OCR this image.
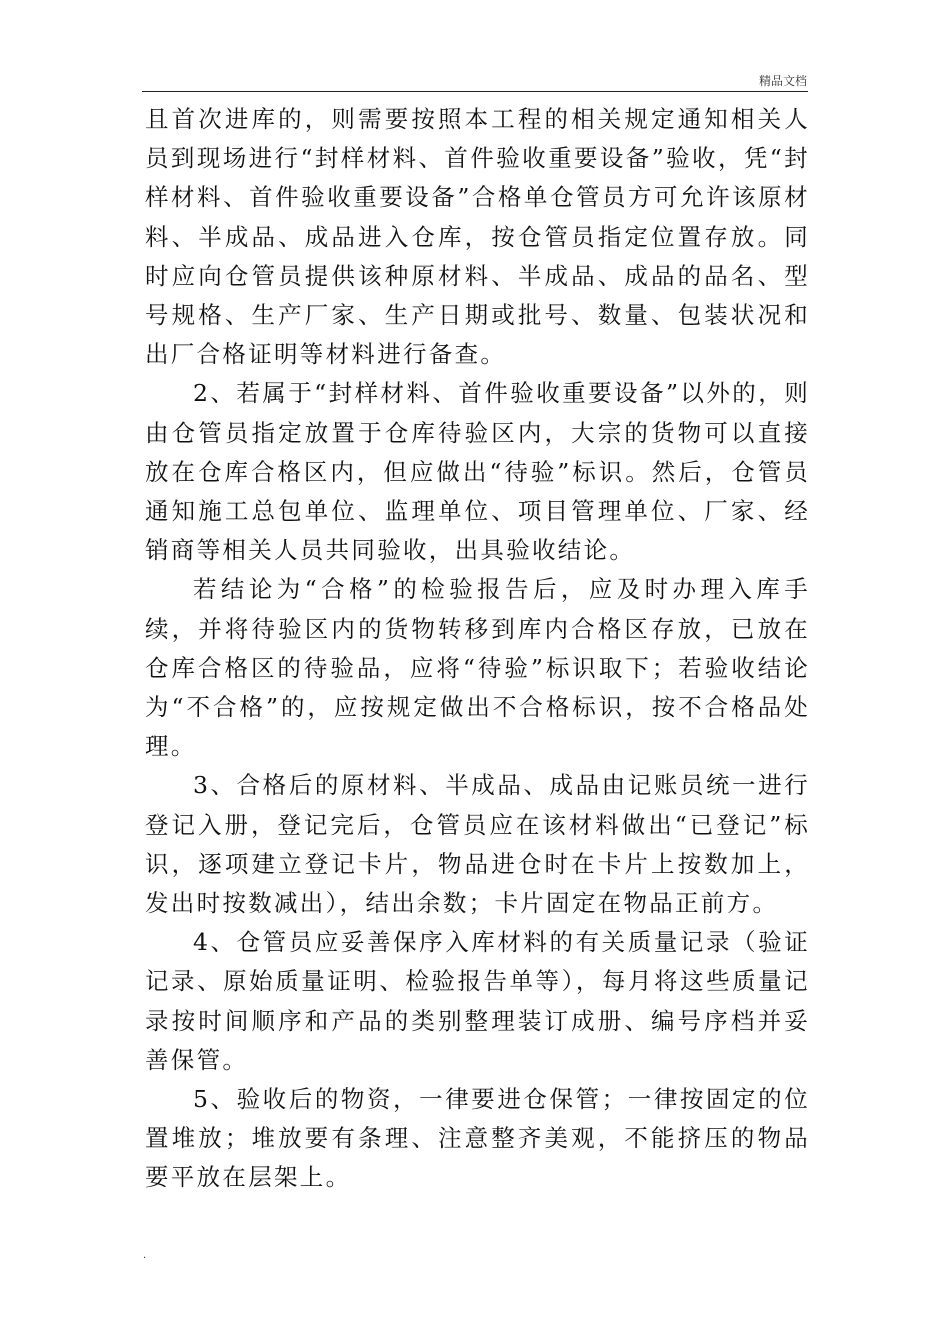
精品文档

且首次进库的，则需要按照本工程的相关规定通知相关人员到现场进行“封样材料、首件验收重要设备”验收，凭“封样材料、首件验收重要设备”合格单仓管员方可允许该原材料、半成品、成品进入仓库，按仓管员指定位置存放。同时应向仓管员提供该种原材料、半成品、成品的品名、型号规格、生产厂家、生产日期或批号、数量、包装状况和出厂合格证明等材料进行备查。

2、若属于“封样材料、首件验收重要设备”以外的，则由仓管员指定放置于仓库待验区内，大宗的货物可以直接放在仓库合格区内，但应做出“待验”标识。然后，仓管员通知施工总包单位、监理单位、项目管理单位、厂家、经销商等相关人员共同验收，出具验收结论。

若结论为“合格”的检验报告后，应及时办理入库手续，并将待验区内的货物转移到库内合格区存放，已放在仓库合格区的待验品，应将“待验”标识取下；若验收结论为“不合格”的，应按规定做出不合格标识，按不合格品处理。

3、合格后的原材料、半成品、成品由记账员统一进行登记入册，登记完后，仓管员应在该材料做出“已登记”标识，逐项建立登记卡片，物品进仓时在卡片上按数加上，发出时按数减出），结出余数；卡片固定在物品正前方。

4、仓管员应妥善保序入库材料的有关质量记录（验证记录、原始质量证明、检验报告单等），每月将这些质量记录按时间顺序和产品的类别整理装订成册、编号序档并妥善保管。

5、验收后的物资，一律要进仓保管；一律按固定的位置堆放；堆放要有条理、注意整齐美观，不能挤压的物品要平放在层架上。

.
